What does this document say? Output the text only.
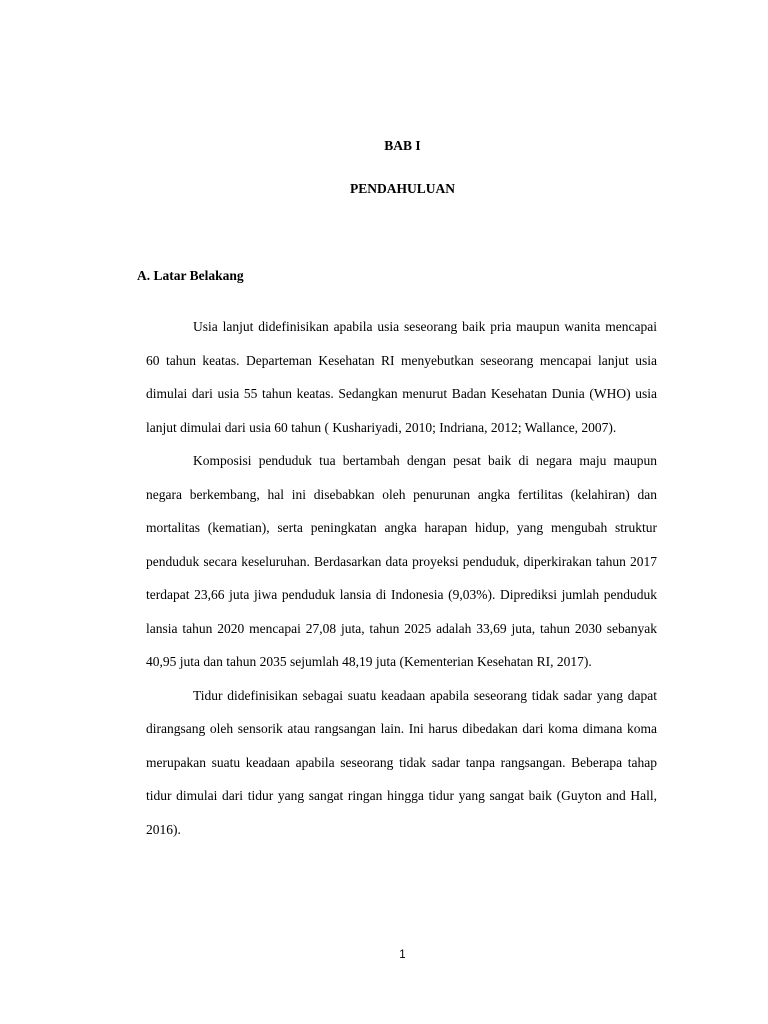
BAB I
PENDAHULUAN
A. Latar Belakang

Usia lanjut didefinisikan apabila usia seseorang baik pria maupun wanita mencapai 60 tahun keatas. Departeman Kesehatan RI menyebutkan seseorang mencapai lanjut usia dimulai dari usia 55 tahun keatas. Sedangkan menurut Badan Kesehatan Dunia (WHO) usia lanjut dimulai dari usia 60 tahun ( Kushariyadi, 2010; Indriana, 2012; Wallance, 2007).

Komposisi penduduk tua bertambah dengan pesat baik di negara maju maupun negara berkembang, hal ini disebabkan oleh penurunan angka fertilitas (kelahiran) dan mortalitas (kematian), serta peningkatan angka harapan hidup, yang mengubah struktur penduduk secara keseluruhan. Berdasarkan data proyeksi penduduk, diperkirakan tahun 2017 terdapat 23,66 juta jiwa penduduk lansia di Indonesia (9,03%). Diprediksi jumlah penduduk lansia tahun 2020 mencapai 27,08 juta, tahun 2025 adalah 33,69 juta, tahun 2030 sebanyak 40,95 juta dan tahun 2035 sejumlah 48,19 juta (Kementerian Kesehatan RI, 2017).

Tidur didefinisikan sebagai suatu keadaan apabila seseorang tidak sadar yang dapat dirangsang oleh sensorik atau rangsangan lain. Ini harus dibedakan dari koma dimana koma merupakan suatu keadaan apabila seseorang tidak sadar tanpa rangsangan. Beberapa tahap tidur dimulai dari tidur yang sangat ringan hingga tidur yang sangat baik (Guyton and Hall, 2016).

1
